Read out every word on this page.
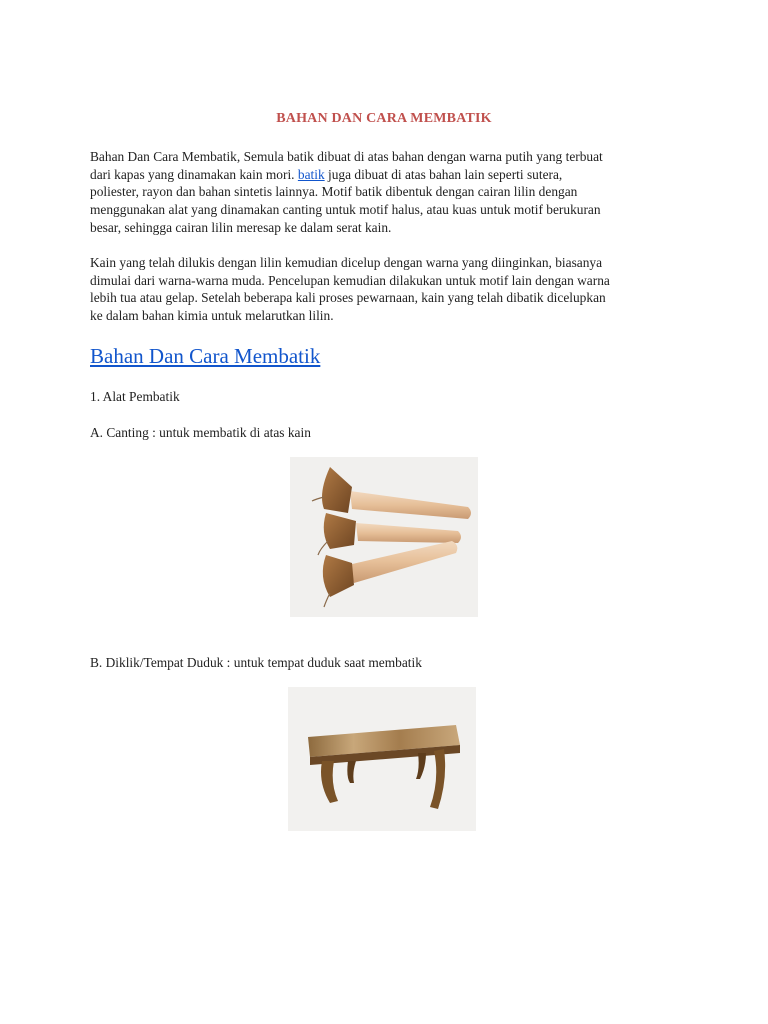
BAHAN DAN CARA MEMBATIK
Bahan Dan Cara Membatik, Semula batik dibuat di atas bahan dengan warna putih yang terbuat
dari kapas yang dinamakan kain mori. batik juga dibuat di atas bahan lain seperti sutera,
poliester, rayon dan bahan sintetis lainnya. Motif batik dibentuk dengan cairan lilin dengan
menggunakan alat yang dinamakan canting untuk motif halus, atau kuas untuk motif berukuran
besar, sehingga cairan lilin meresap ke dalam serat kain.
Kain yang telah dilukis dengan lilin kemudian dicelup dengan warna yang diinginkan, biasanya
dimulai dari warna-warna muda. Pencelupan kemudian dilakukan untuk motif lain dengan warna
lebih tua atau gelap. Setelah beberapa kali proses pewarnaan, kain yang telah dibatik dicelupkan
ke dalam bahan kimia untuk melarutkan lilin.
Bahan Dan Cara Membatik
1. Alat Pembatik
A. Canting : untuk membatik di atas kain
B. Diklik/Tempat Duduk : untuk tempat duduk saat membatik
